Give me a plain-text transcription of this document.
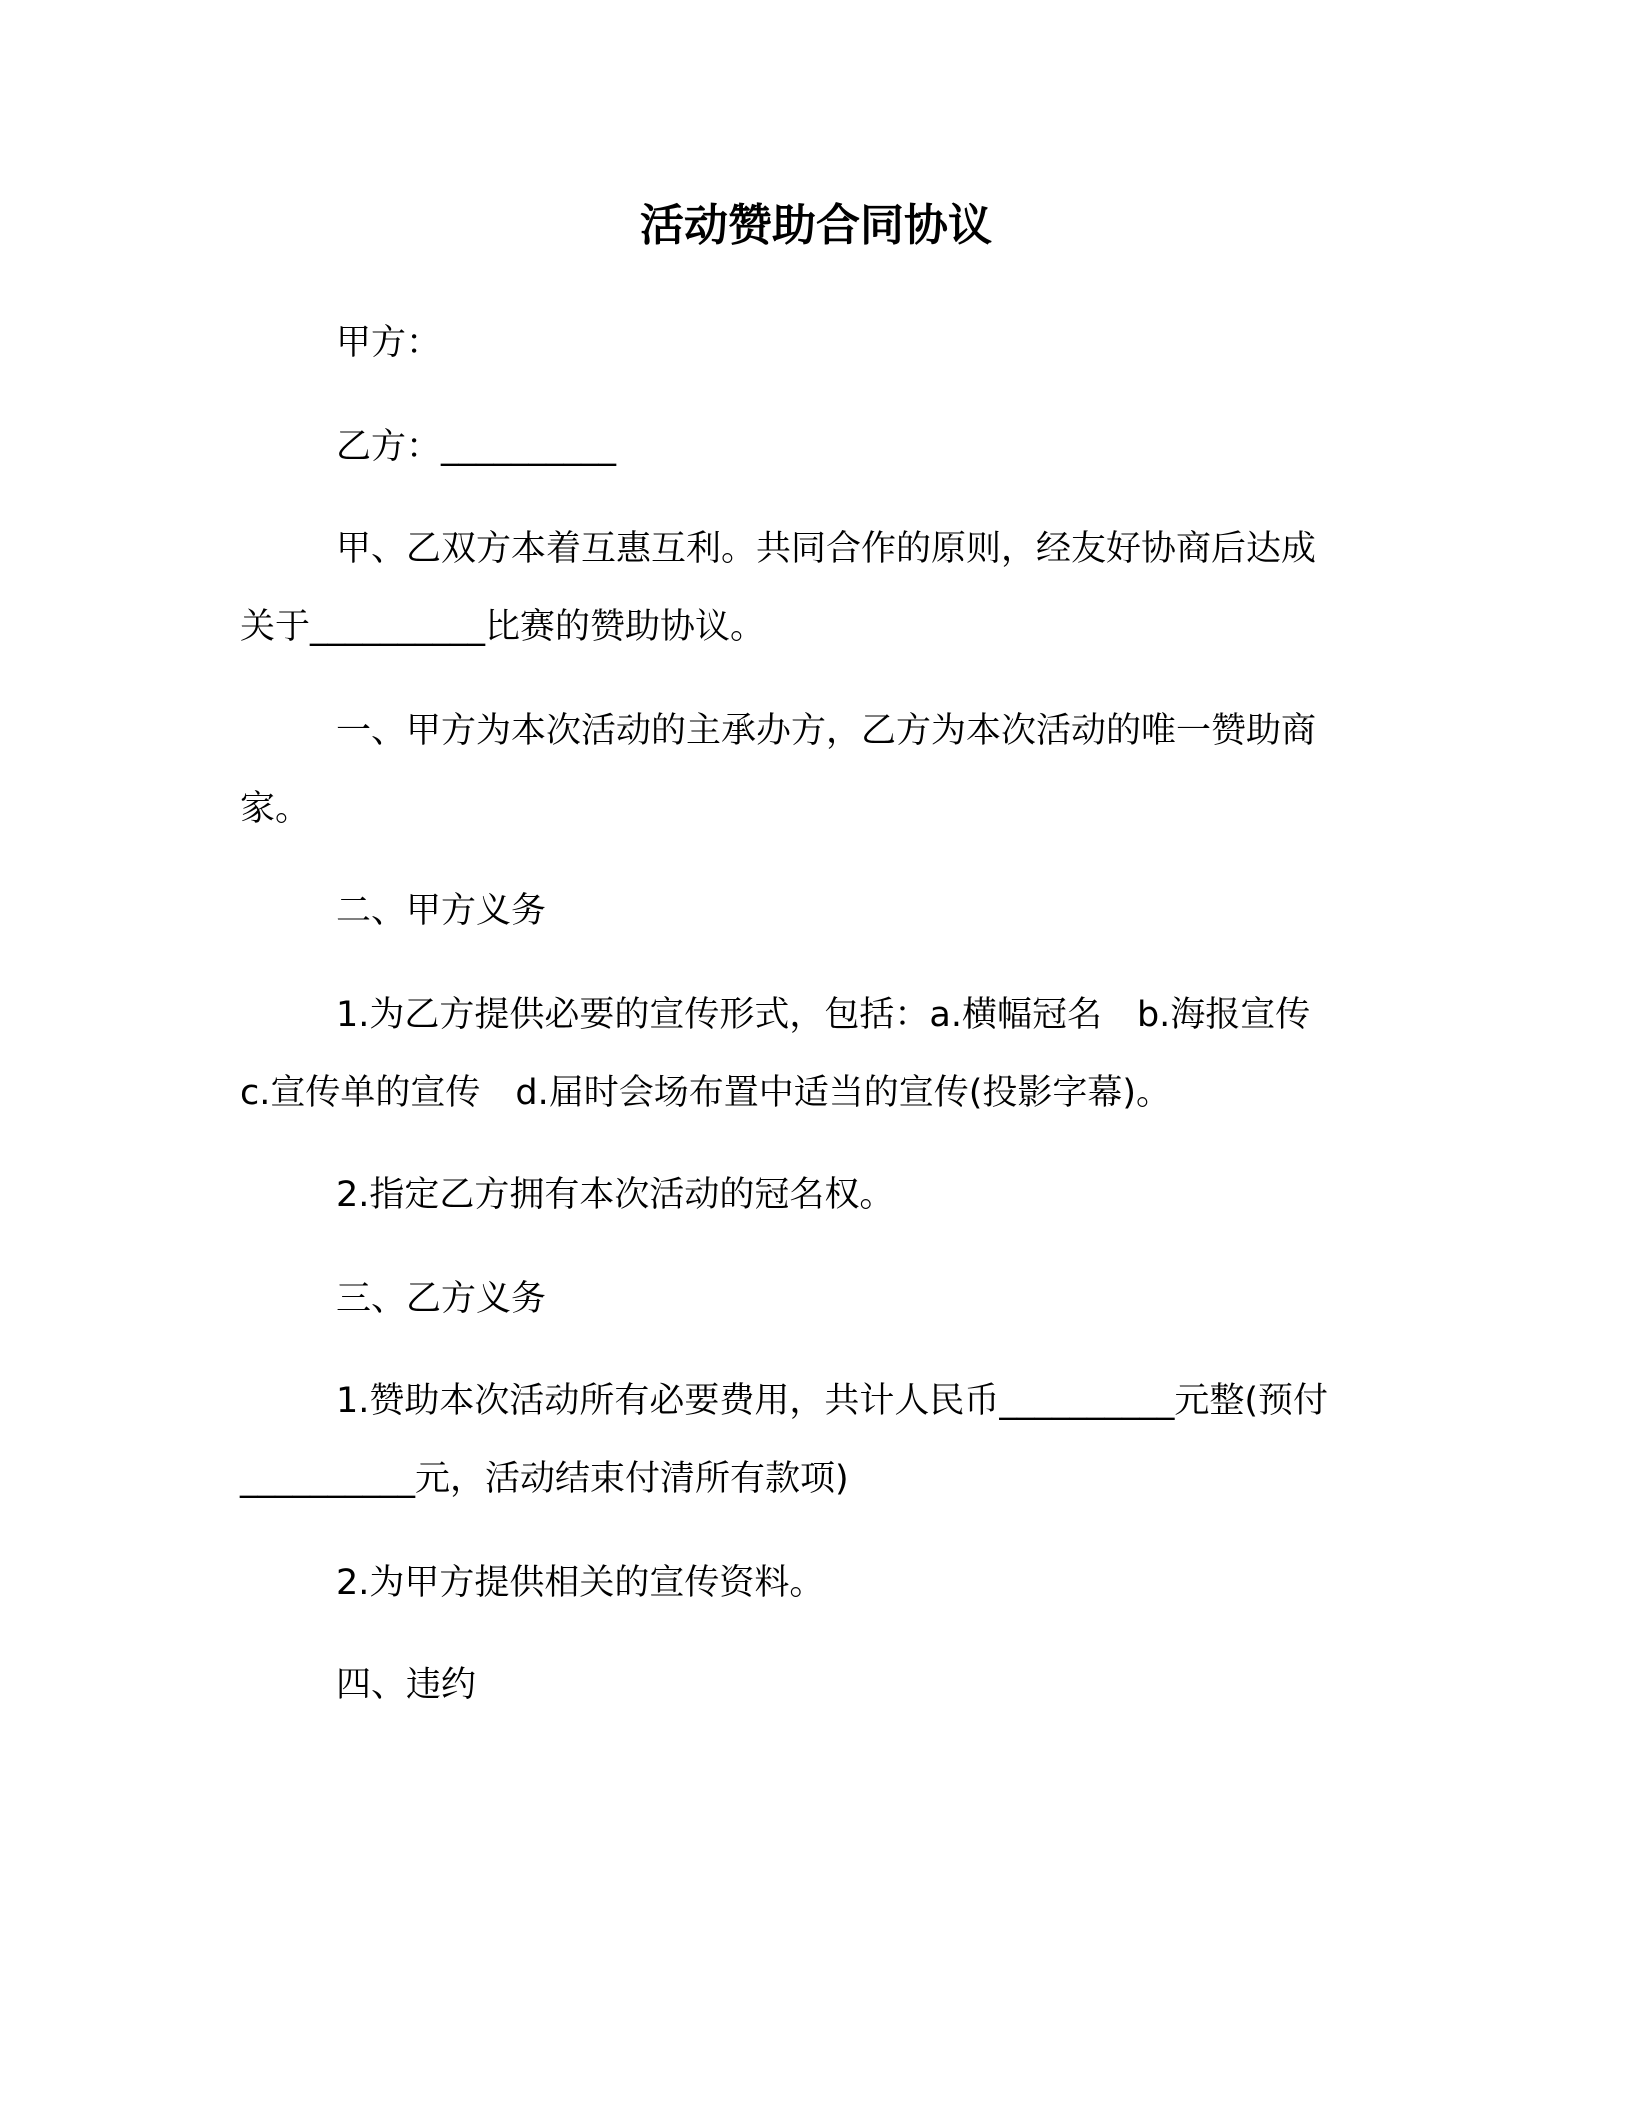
活动赞助合同协议
甲方：
乙方：__________
甲、乙双方本着互惠互利。共同合作的原则，经友好协商后达成
关于__________比赛的赞助协议。
一、甲方为本次活动的主承办方，乙方为本次活动的唯一赞助商
家。
二、甲方义务
1.为乙方提供必要的宣传形式，包括：a.横幅冠名　b.海报宣传
c.宣传单的宣传　d.届时会场布置中适当的宣传(投影字幕)。
2.指定乙方拥有本次活动的冠名权。
三、乙方义务
1.赞助本次活动所有必要费用，共计人民币__________元整(预付
__________元，活动结束付清所有款项)
2.为甲方提供相关的宣传资料。
四、违约
